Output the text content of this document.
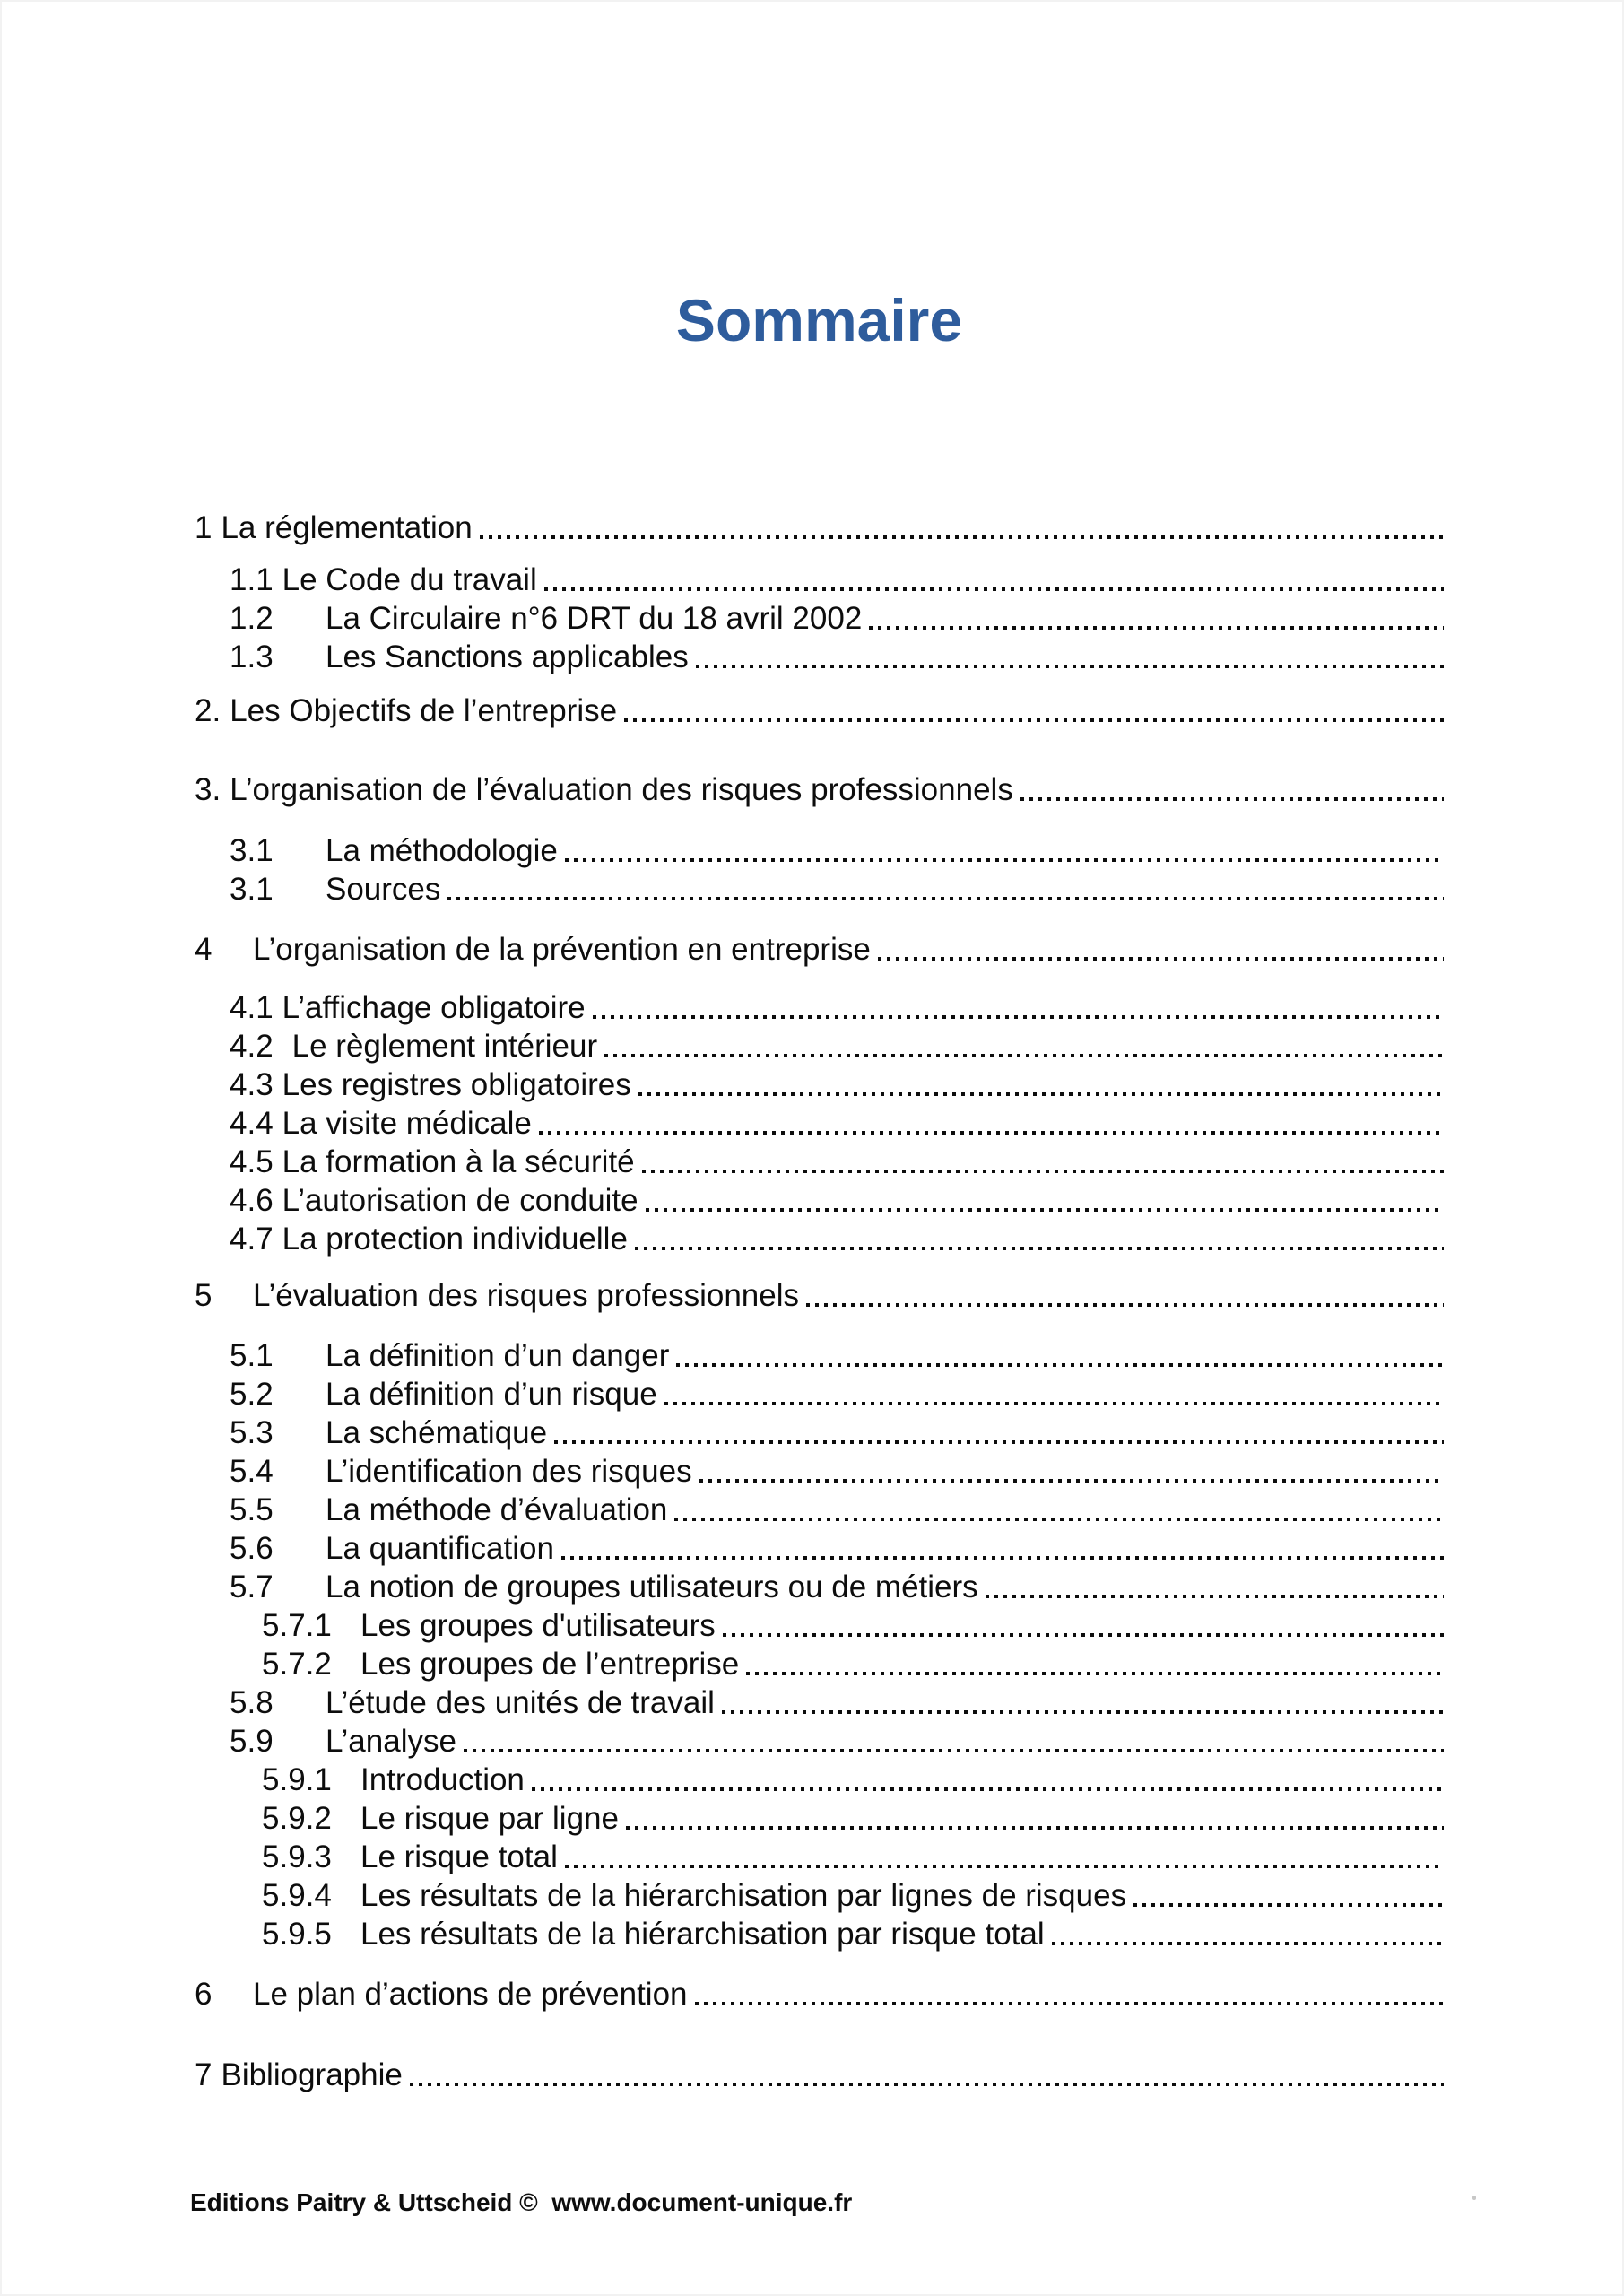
Sommaire
1 La réglementation
1.1 Le Code du travail
1.2	La Circulaire n°6 DRT du 18 avril 2002
1.3	Les Sanctions applicables
2. Les Objectifs de l’entreprise
3. L’organisation de l’évaluation des risques professionnels
3.1	La méthodologie
3.1	Sources
4	L’organisation de la prévention en entreprise
4.1 L’affichage obligatoire
4.2 Le règlement intérieur
4.3 Les registres obligatoires
4.4 La visite médicale
4.5 La formation à la sécurité
4.6 L’autorisation de conduite
4.7 La protection individuelle
5	L’évaluation des risques professionnels
5.1	La définition d’un danger
5.2	La définition d’un risque
5.3	La schématique
5.4	L’identification des risques
5.5	La méthode d’évaluation
5.6	La quantification
5.7	La notion de groupes utilisateurs ou de métiers
5.7.1 Les groupes d'utilisateurs
5.7.2 Les groupes de l’entreprise
5.8	L’étude des unités de travail
5.9	L’analyse
5.9.1 Introduction
5.9.2 Le risque par ligne
5.9.3 Le risque total
5.9.4 Les résultats de la hiérarchisation par lignes de risques
5.9.5 Les résultats de la hiérarchisation par risque total
6	Le plan d’actions de prévention
7 Bibliographie
Editions Paitry & Uttscheid ©  www.document-unique.fr
